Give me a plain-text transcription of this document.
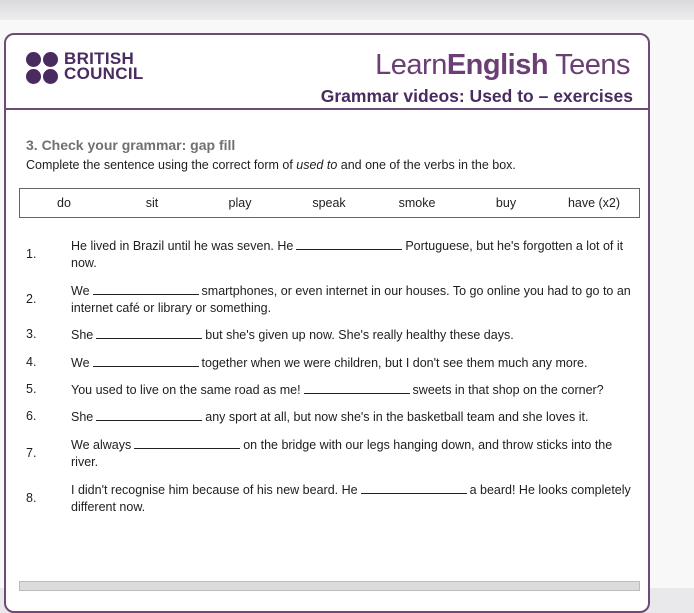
BRITISH
COUNCIL	LearnEnglish Teens
Grammar videos: Used to – exercises
3. Check your grammar: gap fill
Complete the sentence using the correct form of used to and one of the verbs in the box.
do	sit	play	speak	smoke	buy	have (x2)
1.
He lived in Brazil until he was seven. He	Portuguese, but he's forgotten a lot of it now.
2.
We	smartphones, or even internet in our houses. To go online you had to go to an internet café or library or something.
3.	She	but she's given up now. She's really healthy these days.
4.	We	together when we were children, but I don't see them much any more.
5.	You used to live on the same road as me!	sweets in that shop on the corner?
6.	She	any sport at all, but now she's in the basketball team and she loves it.
7.
We always	on the bridge with our legs hanging down, and throw sticks into the river.
8.
I didn't recognise him because of his new beard. He	a beard! He looks completely different now.
